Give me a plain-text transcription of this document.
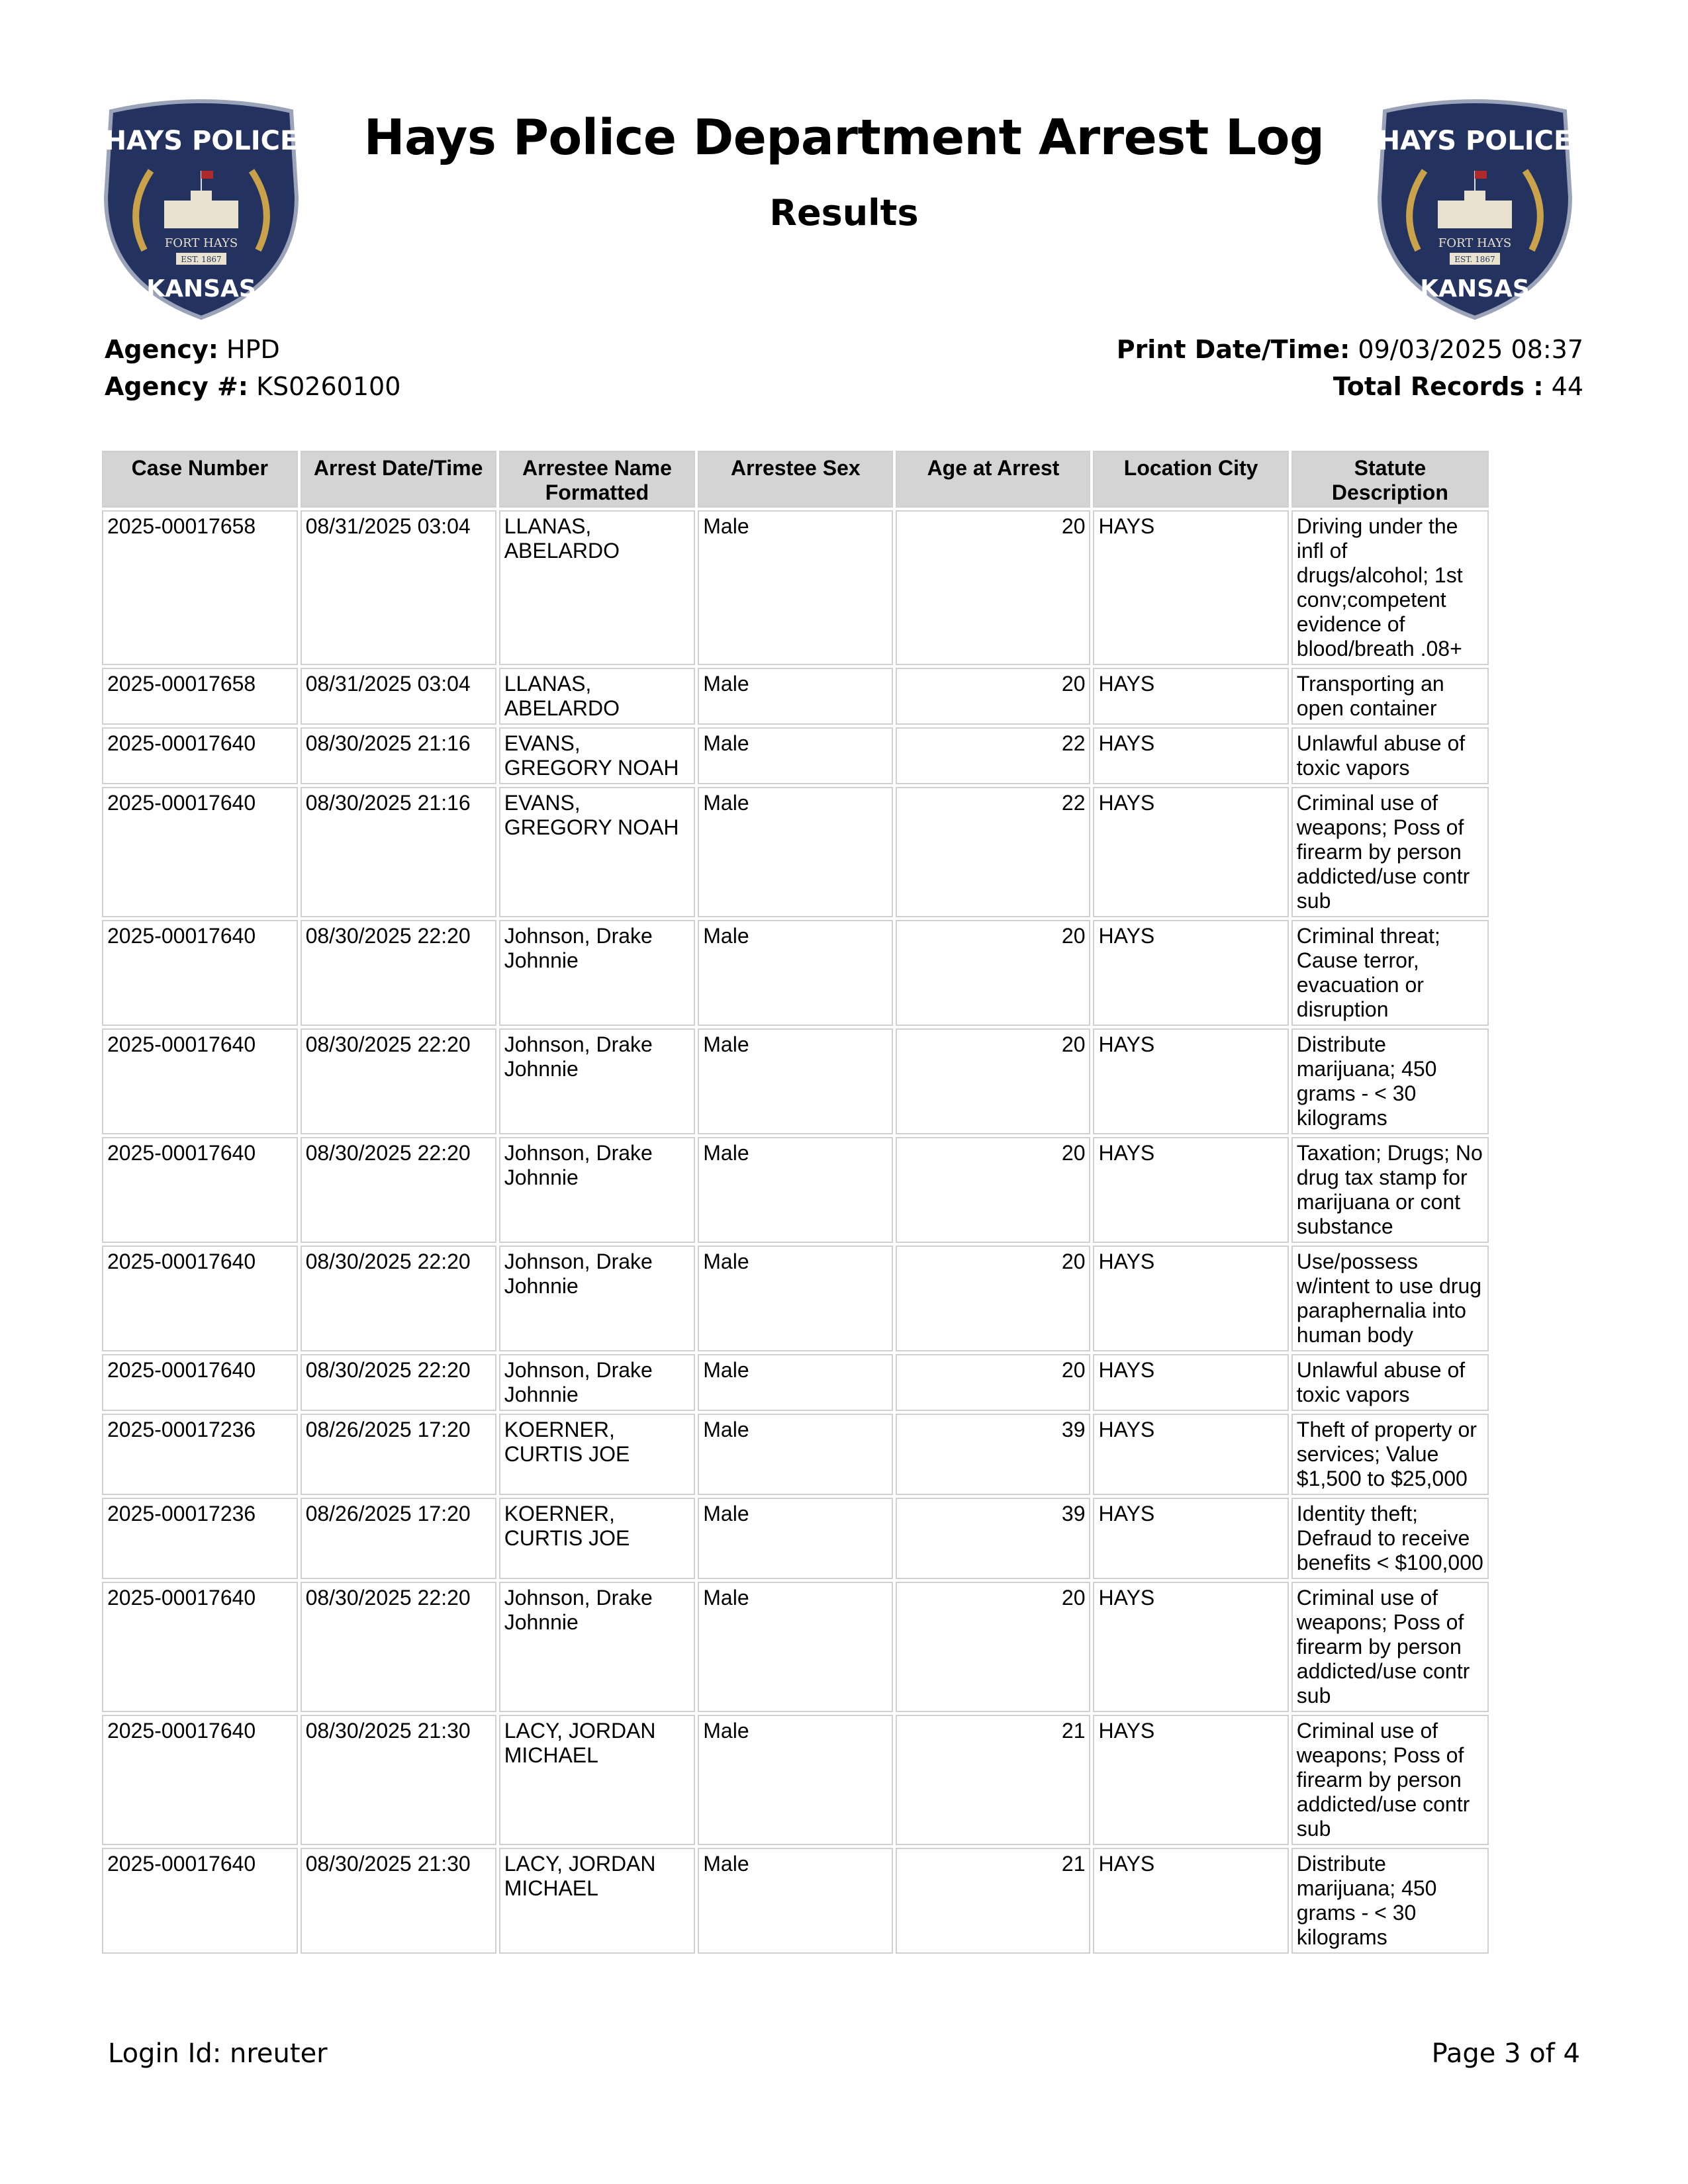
HAYS POLICE
FORT HAYS
EST. 1867
KANSAS
HAYS POLICE
FORT HAYS
EST. 1867
KANSAS
Hays Police Department Arrest Log
Results
Agency: HPD
Agency #: KS0260100
Print Date/Time: 09/03/2025 08:37
Total Records : 44
Case Number	Arrest Date/Time	Arrestee Name Formatted	Arrestee Sex	Age at Arrest	Location City	Statute Description
2025-00017658	08/31/2025 03:04	LLANAS, ABELARDO	Male	20	HAYS	Driving under the infl of drugs/alcohol; 1st conv;competent evidence of blood/breath .08+
2025-00017658	08/31/2025 03:04	LLANAS, ABELARDO	Male	20	HAYS	Transporting an open container
2025-00017640	08/30/2025 21:16	EVANS, GREGORY NOAH	Male	22	HAYS	Unlawful abuse of toxic vapors
2025-00017640	08/30/2025 21:16	EVANS, GREGORY NOAH	Male	22	HAYS	Criminal use of weapons; Poss of firearm by person addicted/use contr sub
2025-00017640	08/30/2025 22:20	Johnson, Drake Johnnie	Male	20	HAYS	Criminal threat; Cause terror, evacuation or disruption
2025-00017640	08/30/2025 22:20	Johnson, Drake Johnnie	Male	20	HAYS	Distribute marijuana; 450 grams - < 30 kilograms
2025-00017640	08/30/2025 22:20	Johnson, Drake Johnnie	Male	20	HAYS	Taxation; Drugs; No drug tax stamp for marijuana or cont substance
2025-00017640	08/30/2025 22:20	Johnson, Drake Johnnie	Male	20	HAYS	Use/possess w/intent to use drug paraphernalia into human body
2025-00017640	08/30/2025 22:20	Johnson, Drake Johnnie	Male	20	HAYS	Unlawful abuse of toxic vapors
2025-00017236	08/26/2025 17:20	KOERNER, CURTIS JOE	Male	39	HAYS	Theft of property or services; Value $1,500 to $25,000
2025-00017236	08/26/2025 17:20	KOERNER, CURTIS JOE	Male	39	HAYS	Identity theft; Defraud to receive benefits < $100,000
2025-00017640	08/30/2025 22:20	Johnson, Drake Johnnie	Male	20	HAYS	Criminal use of weapons; Poss of firearm by person addicted/use contr sub
2025-00017640	08/30/2025 21:30	LACY, JORDAN MICHAEL	Male	21	HAYS	Criminal use of weapons; Poss of firearm by person addicted/use contr sub
2025-00017640	08/30/2025 21:30	LACY, JORDAN MICHAEL	Male	21	HAYS	Distribute marijuana; 450 grams - < 30 kilograms
Login Id: nreuter	Page 3 of 4
